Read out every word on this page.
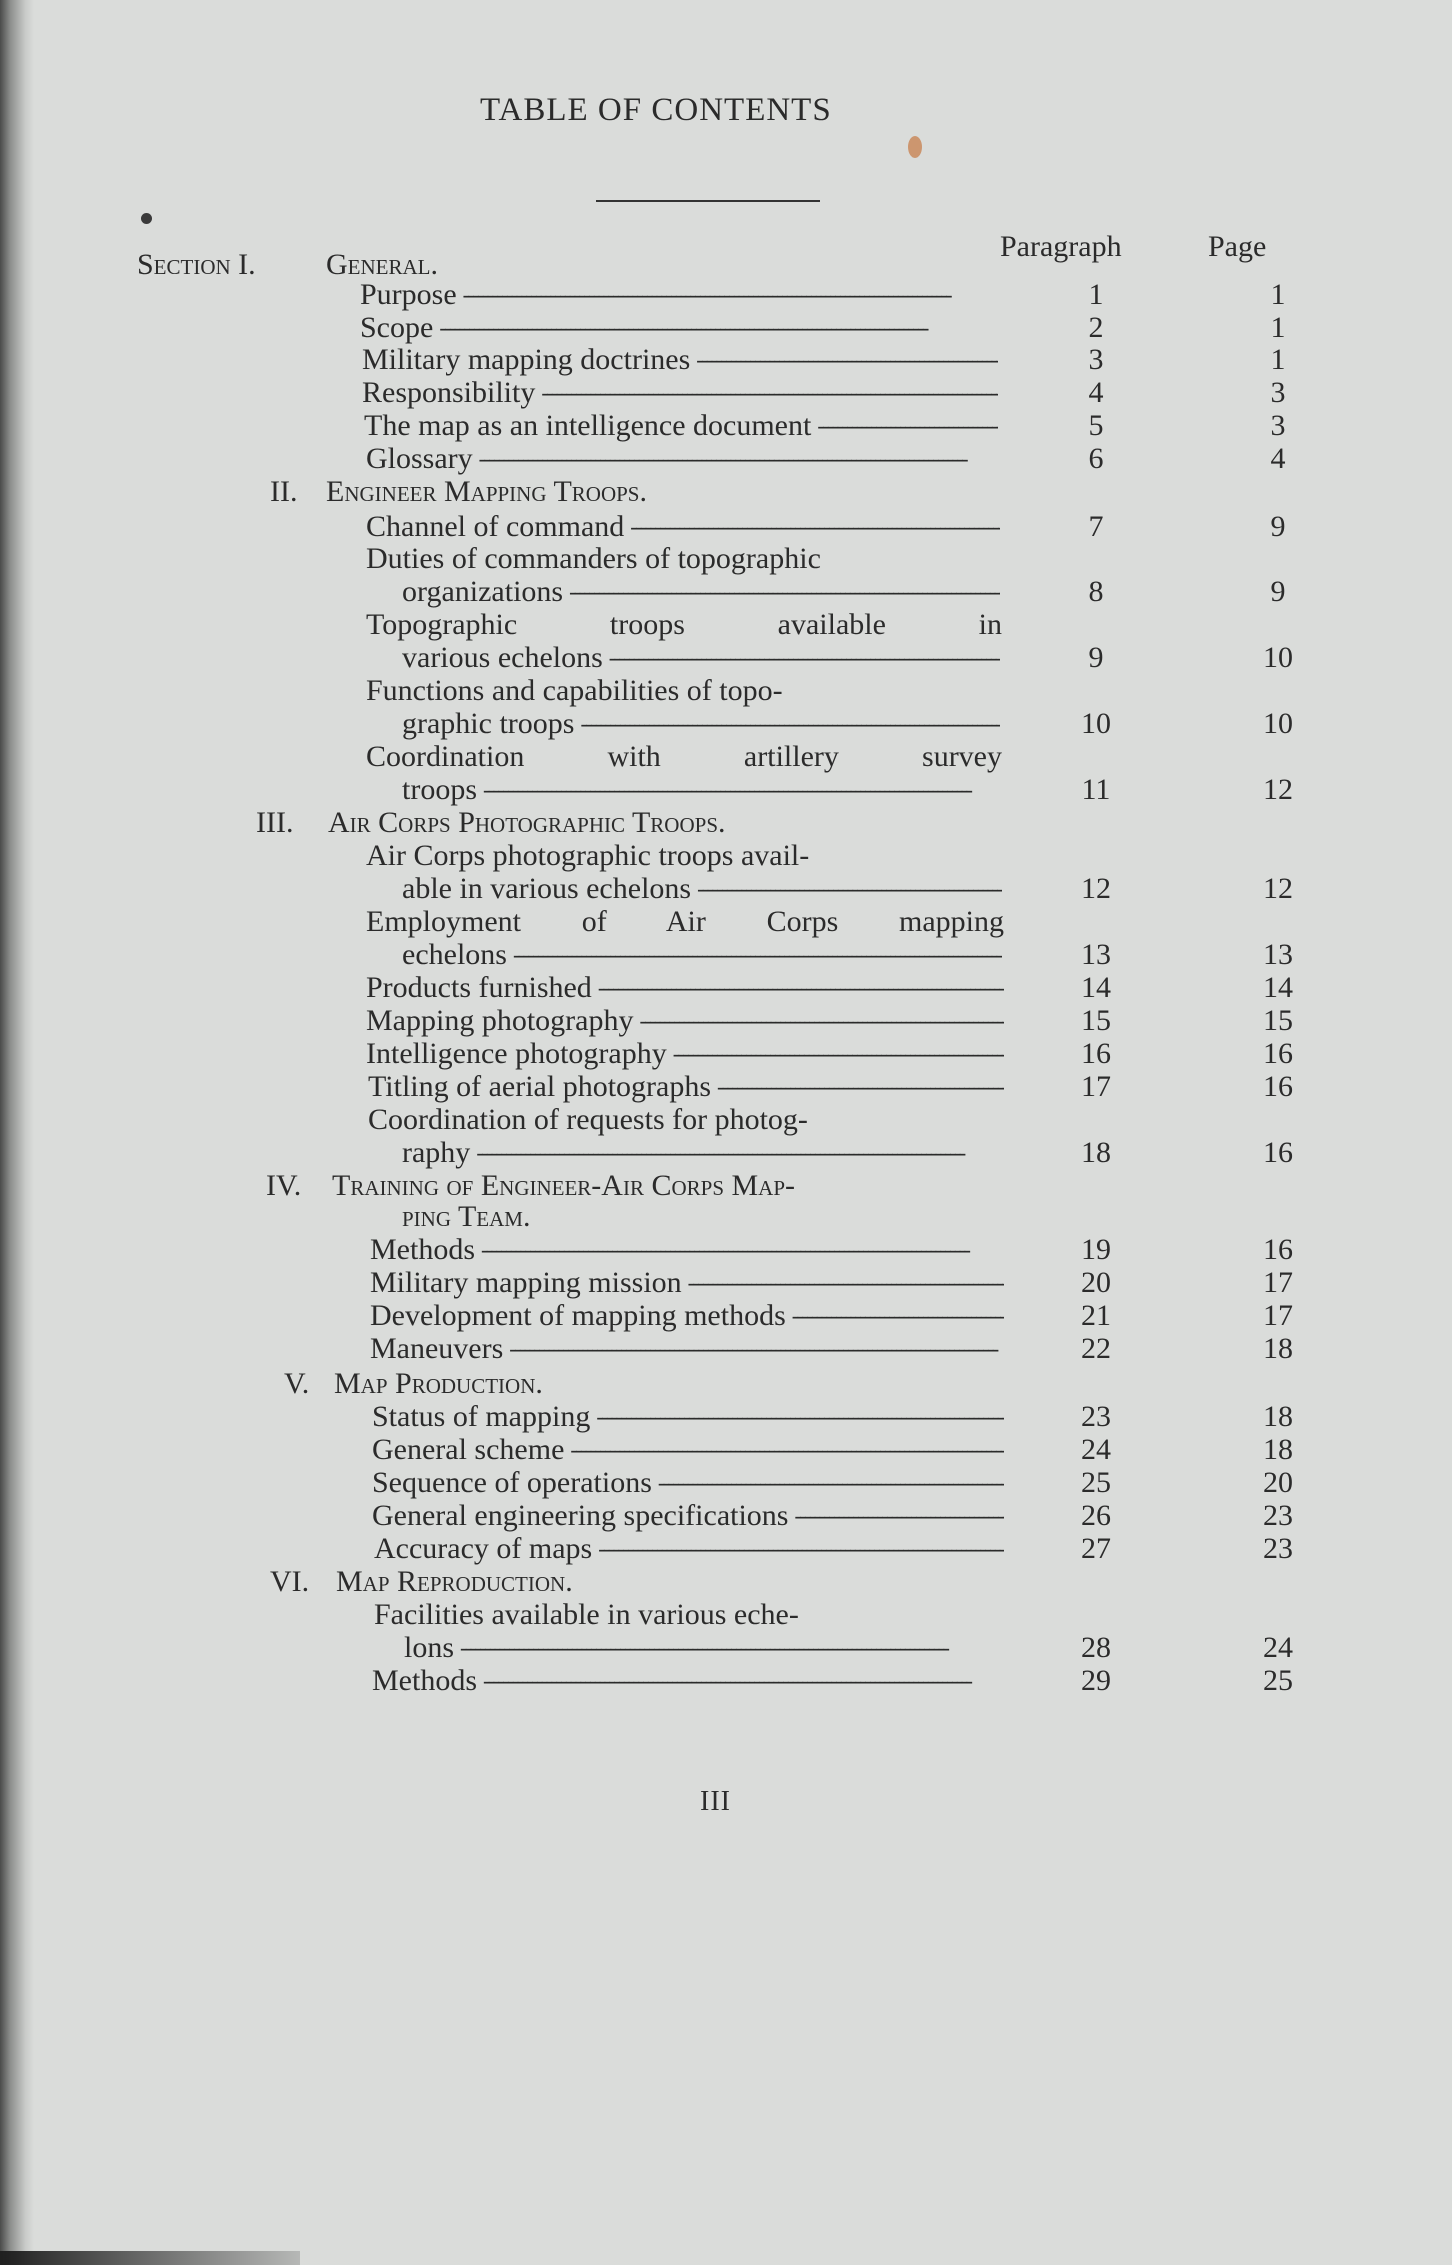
TABLE OF CONTENTS
Paragraph	Page
Section I. General.
Purpose - - -	1	1
Scope - - -	2	1
Military mapping doctrines - - -	3	1
Responsibility - - -	4	3
The map as an intelligence document - - -	5	3
Glossary - - -	6	4
II. Engineer Mapping Troops.
Channel of command - - -	7	9
Duties of commanders of topographic
organizations - - -	8	9
Topographic troops available in
various echelons - - -	9	10
Functions and capabilities of topo-
graphic troops - - -	10	10
Coordination with artillery survey
troops - - -	11	12
III. Air Corps Photographic Troops.
Air Corps photographic troops avail-
able in various echelons - - -	12	12
Employment of Air Corps mapping
echelons - - -	13	13
Products furnished - - -	14	14
Mapping photography - - -	15	15
Intelligence photography - - -	16	16
Titling of aerial photographs - - -	17	16
Coordination of requests for photog-
raphy - - -	18	16
IV. Training of Engineer-Air Corps Map-
ping Team.
Methods - - -	19	16
Military mapping mission - - -	20	17
Development of mapping methods - - -	21	17
Maneuvers - - -	22	18
V. Map Production.
Status of mapping - - -	23	18
General scheme - - -	24	18
Sequence of operations - - -	25	20
General engineering specifications - - -	26	23
Accuracy of maps - - -	27	23
VI. Map Reproduction.
Facilities available in various eche-
lons - - -	28	24
Methods - - -	29	25
III
